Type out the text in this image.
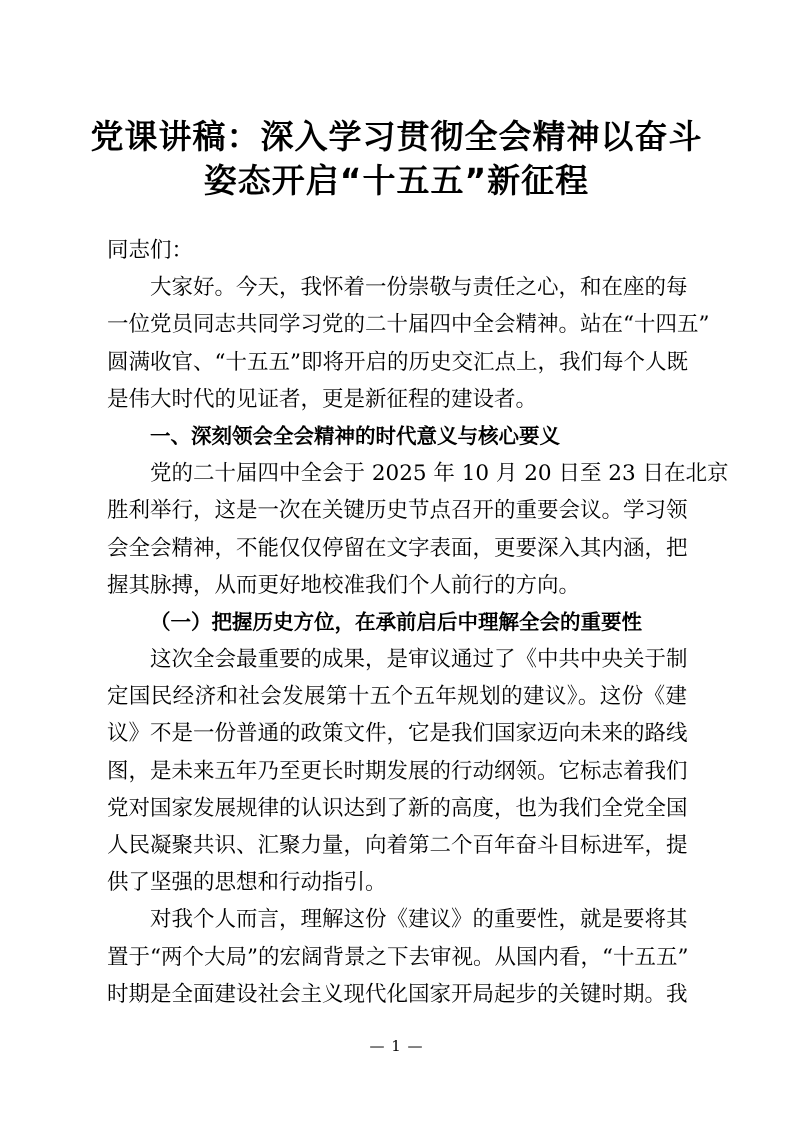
党课讲稿：深入学习贯彻全会精神以奋斗
姿态开启“十五五”新征程
同志们：
大家好。今天，我怀着一份崇敬与责任之心，和在座的每
一位党员同志共同学习党的二十届四中全会精神。站在“十四五”
圆满收官、“十五五”即将开启的历史交汇点上，我们每个人既
是伟大时代的见证者，更是新征程的建设者。
一、深刻领会全会精神的时代意义与核心要义
党的二十届四中全会于 2025 年 10 月 20 日至 23 日在北京
胜利举行，这是一次在关键历史节点召开的重要会议。学习领
会全会精神，不能仅仅停留在文字表面，更要深入其内涵，把
握其脉搏，从而更好地校准我们个人前行的方向。
（一）把握历史方位，在承前启后中理解全会的重要性
这次全会最重要的成果，是审议通过了《中共中央关于制
定国民经济和社会发展第十五个五年规划的建议》。这份《建
议》不是一份普通的政策文件，它是我们国家迈向未来的路线
图，是未来五年乃至更长时期发展的行动纲领。它标志着我们
党对国家发展规律的认识达到了新的高度，也为我们全党全国
人民凝聚共识、汇聚力量，向着第二个百年奋斗目标进军，提
供了坚强的思想和行动指引。
对我个人而言，理解这份《建议》的重要性，就是要将其
置于“两个大局”的宏阔背景之下去审视。从国内看，“十五五”
时期是全面建设社会主义现代化国家开局起步的关键时期。我
— 1 —
